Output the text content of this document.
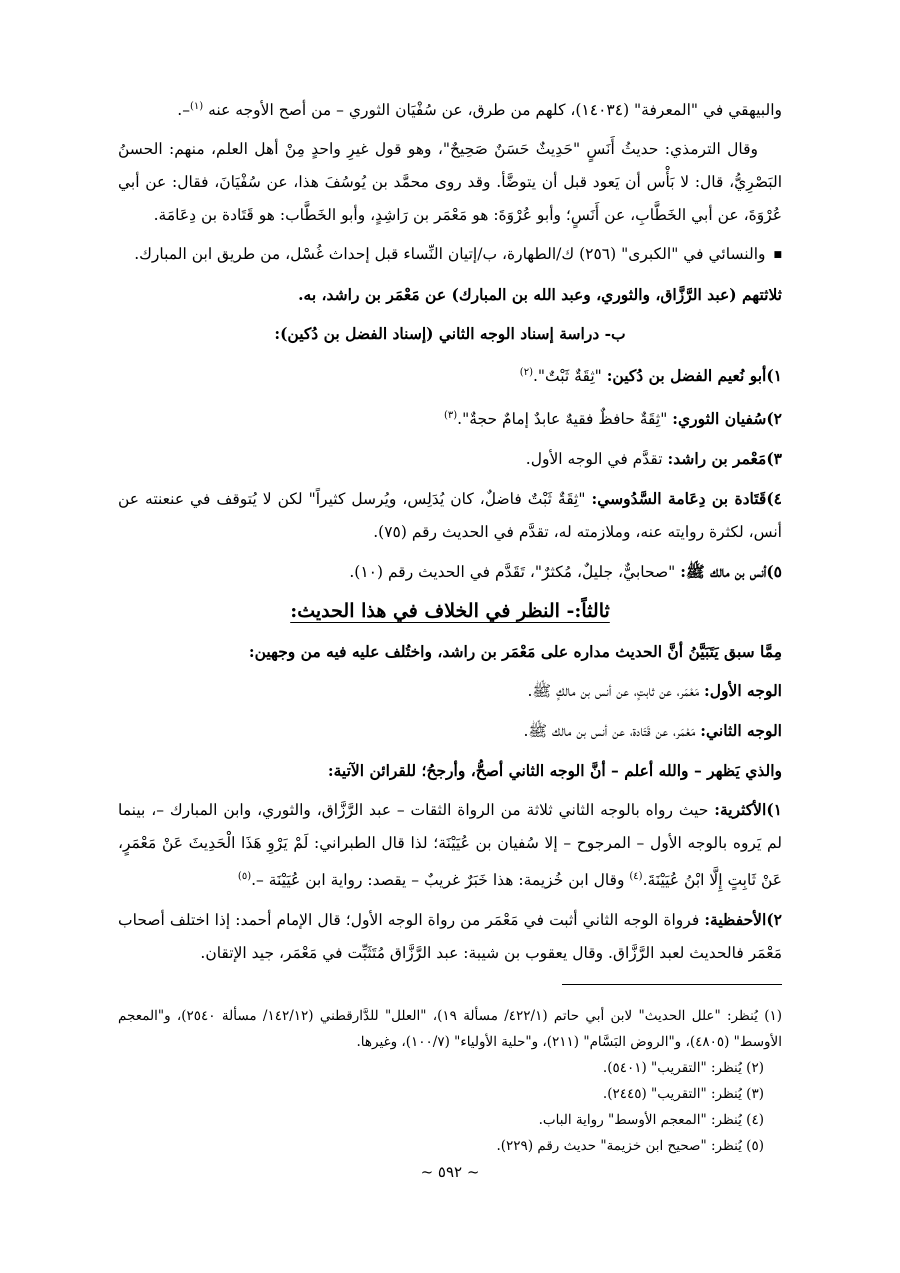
والبيهقي في "المعرفة" (١٤٠٣٤)، كلهم من طرق، عن سُفْيَان الثوري – من أصح الأوجه عنه $^{(١)}$–.

وقال الترمذي: حديثُ أَنَسٍ "حَدِيثٌ حَسَنٌ صَحِيحٌ"، وهو قول غيرِ واحدٍ مِنْ أهل العلم، منهم: الحسنُ البَصْرِيُّ، قال: لا بَأْس أن يَعود قبل أن يتوضَّأ. وقد روى محمَّد بن يُوسُفَ هذا، عن سُفْيَانَ، فقال: عن أبي عُرْوَةَ، عن أبي الخَطَّابِ، عن أَنَسٍ؛ وأبو عُرْوَةَ: هو مَعْمَر بن رَاشِدٍ، وأبو الخَطَّاب: هو قَتَادة بن دِعَامَة.

■ والنسائي في "الكبرى" (٢٥٦) ك/الطهارة، ب/إتيان النِّساء قبل إحداث غُسْل، من طريق ابن المبارك.

ثلاثتهم (عبد الرَّزَّاق، والثوري، وعبد الله بن المبارك) عن مَعْمَر بن راشد، به.

ب- دراسة إسناد الوجه الثاني (إسناد الفضل بن دُكين):

١)أبو نُعيم الفضل بن دُكين: "ثِقَةٌ ثَبْتٌ".$^{(٢)}$

٢)سُفيان الثوري: "ثِقَةٌ حافظٌ فقيهٌ عابدٌ إمامٌ حجةٌ".$^{(٣)}$

٣)مَعْمر بن راشد: تقدَّم في الوجه الأول.

٤)قَتَادة بن دِعَامة السَّدُوسي: "ثِقَةٌ ثَبْتٌ فاضلٌ، كان يُدَلِس، ويُرسل كثيراً" لكن لا يُتوقف في عنعنته عن أنس، لكثرة روايته عنه، وملازمته له، تقدَّم في الحديث رقم (٧٥).

٥)أنس بن مالك ﷺ: "صحابيٌّ، جليلٌ، مُكثرٌ"، تَقَدَّم في الحديث رقم (١٠).

ثالثاً:- النظر في الخلاف في هذا الحديث:

مِمَّا سبق يَتَبَيَّنُ أنَّ الحديث مداره على مَعْمَر بن راشد، واختُلف عليه فيه من وجهين:

الوجه الأول: مَعْمَر، عن ثابتٍ، عن أنس بن مالكٍ ﷺ.

الوجه الثاني: مَعْمَر، عن قَتَادة، عن أنس بن مالك ﷺ.

والذي يَظهر – والله أعلم – أنَّ الوجه الثاني أصحُّ، وأرجحُ؛ للقرائن الآتية:

١)الأكثرية: حيث رواه بالوجه الثاني ثلاثة من الرواة الثقات – عبد الرَّزَّاق، والثوري، وابن المبارك –، بينما لم يَروه بالوجه الأول – المرجوح – إلا سُفيان بن عُيَيْنَة؛ لذا قال الطبراني: لَمْ يَرْوِ هَذَا الْحَدِيثَ عَنْ مَعْمَرٍ، عَنْ ثَابِتٍ إِلَّا ابْنُ عُيَيْنَةَ.$^{(٤)}$ وقال ابن خُزيمة: هذا خَبَرٌ غريبٌ – يقصد: رواية ابن عُيَيْنَة –.$^{(٥)}$

٢)الأحفظية: فرواة الوجه الثاني أثبت في مَعْمَر من رواة الوجه الأول؛ قال الإمام أحمد: إذا اختلف أصحاب مَعْمَر فالحديث لعبد الرَّزَّاق. وقال يعقوب بن شيبة: عبد الرَّزَّاق مُتَثَبِّت في مَعْمَر، جيد الإتقان.

(١) يُنظر: "علل الحديث" لابن أبي حاتم (٤٢٢/١/ مسألة ١٩)، "العلل" للدَّارقطني (١٤٢/١٢/ مسألة ٢٥٤٠)، و"المعجم الأوسط" (٤٨٠٥)، و"الروض البَسَّام" (٢١١)، و"حلية الأولياء" (١٠٠/٧)، وغيرها.

(٢) يُنظر: "التقريب" (٥٤٠١).

(٣) يُنظر: "التقريب" (٢٤٤٥).

(٤) يُنظر: "المعجم الأوسط" رواية الباب.

(٥) يُنظر: "صحيح ابن خزيمة" حديث رقم (٢٢٩).

~ ٥٩٢ ~
